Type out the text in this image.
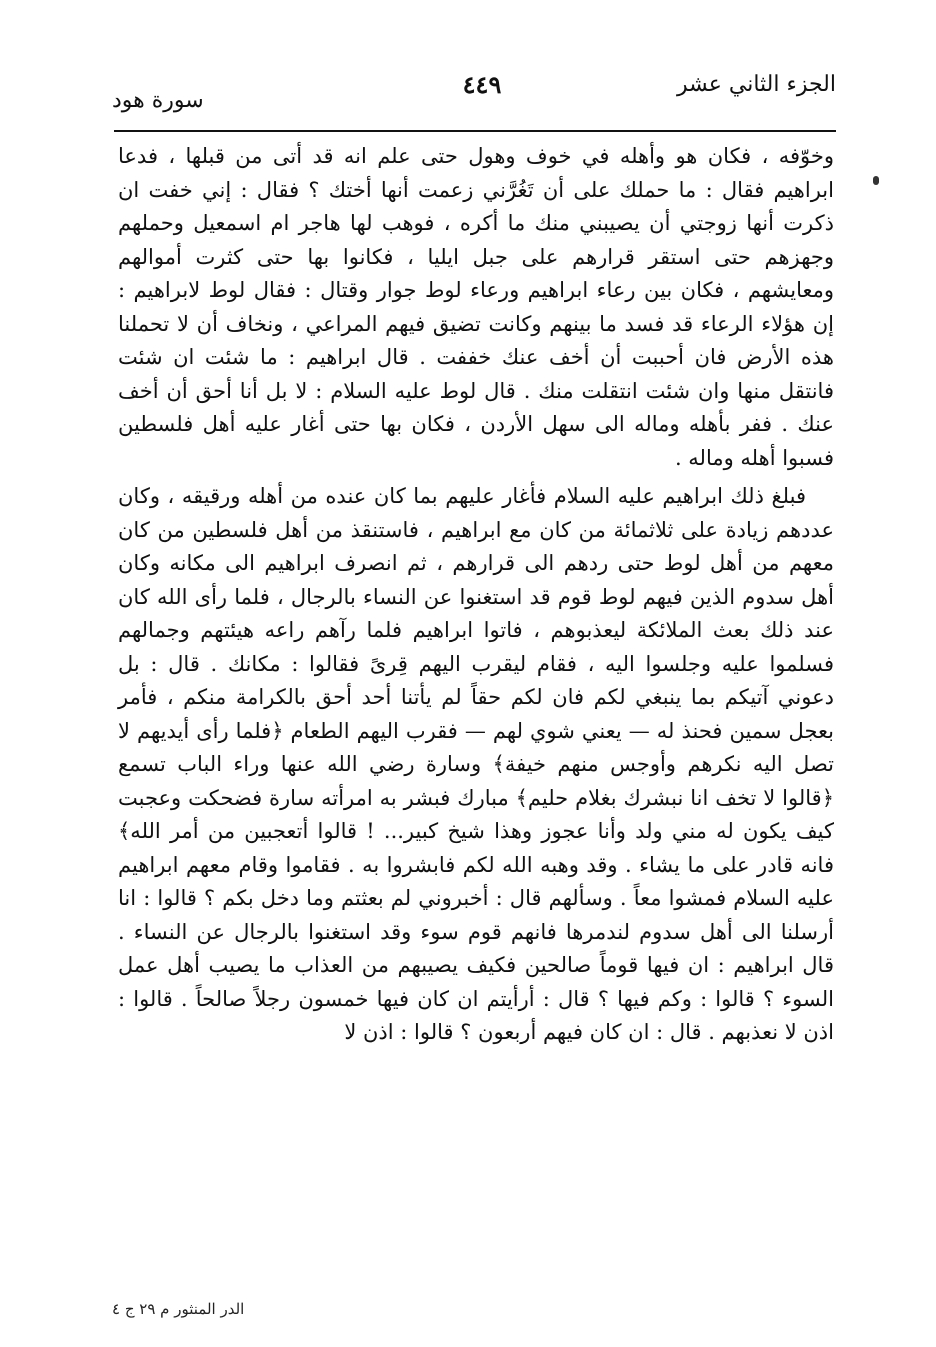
الجزء الثاني عشر
٤٤٩
سورة هود

وخوّفه ، فكان هو وأهله في خوف وهول حتى علم انه قد أتى من قبلها ، فدعا ابراهيم فقال : ما حملك على أن تَغُرَّني زعمت أنها أختك ؟ فقال : إني خفت ان ذكرت أنها زوجتي أن يصيبني منك ما أكره ، فوهب لها هاجر ام اسمعيل وحملهم وجهزهم حتى استقر قرارهم على جبل ايليا ، فكانوا بها حتى كثرت أموالهم ومعايشهم ، فكان بين رعاء ابراهيم ورعاء لوط جوار وقتال : فقال لوط لابراهيم : إن هؤلاء الرعاء قد فسد ما بينهم وكانت تضيق فيهم المراعي ، ونخاف أن لا تحملنا هذه الأرض فان أحببت أن أخف عنك خففت . قال ابراهيم : ما شئت ان شئت فانتقل منها وان شئت انتقلت منك . قال لوط عليه السلام : لا بل أنا أحق أن أخف عنك . ففر بأهله وماله الى سهل الأردن ، فكان بها حتى أغار عليه أهل فلسطين فسبوا أهله وماله .

فبلغ ذلك ابراهيم عليه السلام فأغار عليهم بما كان عنده من أهله ورقيقه ، وكان عددهم زيادة على ثلاثمائة من كان مع ابراهيم ، فاستنقذ من أهل فلسطين من كان معهم من أهل لوط حتى ردهم الى قرارهم ، ثم انصرف ابراهيم الى مكانه وكان أهل سدوم الذين فيهم لوط قوم قد استغنوا عن النساء بالرجال ، فلما رأى الله كان عند ذلك بعث الملائكة ليعذبوهم ، فاتوا ابراهيم فلما رآهم راعه هيئتهم وجمالهم فسلموا عليه وجلسوا اليه ، فقام ليقرب اليهم قِرىً فقالوا : مكانك . قال : بل دعوني آتيكم بما ينبغي لكم فان لكم حقاً لم يأتنا أحد أحق بالكرامة منكم ، فأمر بعجل سمين فحنذ له — يعني شوي لهم — فقرب اليهم الطعام ﴿فلما رأى أيديهم لا تصل اليه نكرهم وأوجس منهم خيفة﴾ وسارة رضي الله عنها وراء الباب تسمع ﴿قالوا لا تخف انا نبشرك بغلام حليم﴾ مبارك فبشر به امرأته سارة فضحكت وعجبت كيف يكون له مني ولد وأنا عجوز وهذا شيخ كبير... ! قالوا أتعجبين من أمر الله﴾ فانه قادر على ما يشاء . وقد وهبه الله لكم فابشروا به . فقاموا وقام معهم ابراهيم عليه السلام فمشوا معاً . وسألهم قال : أخبروني لم بعثتم وما دخل بكم ؟ قالوا : انا أرسلنا الى أهل سدوم لندمرها فانهم قوم سوء وقد استغنوا بالرجال عن النساء . قال ابراهيم : ان فيها قوماً صالحين فكيف يصيبهم من العذاب ما يصيب أهل عمل السوء ؟ قالوا : وكم فيها ؟ قال : أرأيتم ان كان فيها خمسون رجلاً صالحاً . قالوا : اذن لا نعذبهم . قال : ان كان فيهم أربعون ؟ قالوا : اذن لا

الدر المنثور م ٢٩ ج ٤
